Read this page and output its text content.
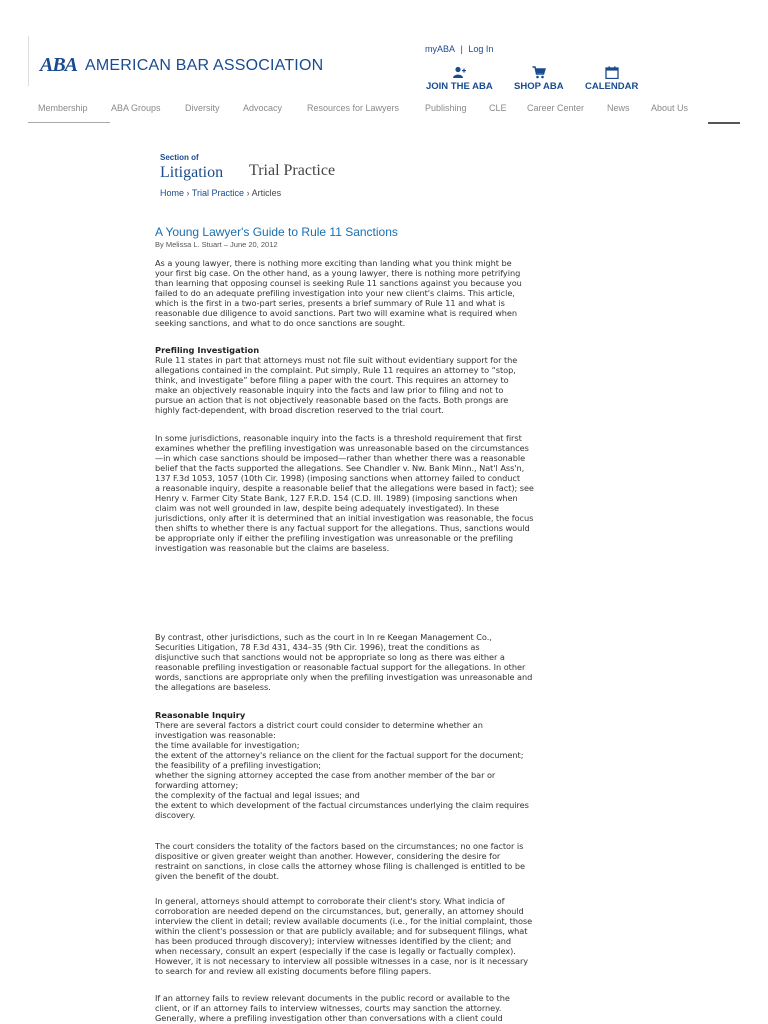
ABA AMERICAN BAR ASSOCIATION
myABA | Log In
JOIN THE ABA SHOP ABA CALENDAR
Membership	ABA Groups	Diversity	Advocacy	Resources for Lawyers	Publishing	CLE	Career Center	News	About Us
Section of
Litigation Trial Practice
Home › Trial Practice › Articles
A Young Lawyer's Guide to Rule 11 Sanctions
By Melissa L. Stuart – June 20, 2012
As a young lawyer, there is nothing more exciting than landing what you think might be
your first big case. On the other hand, as a young lawyer, there is nothing more petrifying
than learning that opposing counsel is seeking Rule 11 sanctions against you because you
failed to do an adequate prefiling investigation into your new client's claims. This article,
which is the first in a two-part series, presents a brief summary of Rule 11 and what is
reasonable due diligence to avoid sanctions. Part two will examine what is required when
seeking sanctions, and what to do once sanctions are sought.
Prefiling Investigation
Rule 11 states in part that attorneys must not file suit without evidentiary support for the
allegations contained in the complaint. Put simply, Rule 11 requires an attorney to “stop,
think, and investigate” before filing a paper with the court. This requires an attorney to
make an objectively reasonable inquiry into the facts and law prior to filing and not to
pursue an action that is not objectively reasonable based on the facts. Both prongs are
highly fact-dependent, with broad discretion reserved to the trial court.
In some jurisdictions, reasonable inquiry into the facts is a threshold requirement that first
examines whether the prefiling investigation was unreasonable based on the circumstances
—in which case sanctions should be imposed—rather than whether there was a reasonable
belief that the facts supported the allegations. See Chandler v. Nw. Bank Minn., Nat'l Ass'n,
137 F.3d 1053, 1057 (10th Cir. 1998) (imposing sanctions when attorney failed to conduct
a reasonable inquiry, despite a reasonable belief that the allegations were based in fact); see
Henry v. Farmer City State Bank, 127 F.R.D. 154 (C.D. Ill. 1989) (imposing sanctions when
claim was not well grounded in law, despite being adequately investigated). In these
jurisdictions, only after it is determined that an initial investigation was reasonable, the focus
then shifts to whether there is any factual support for the allegations. Thus, sanctions would
be appropriate only if either the prefiling investigation was unreasonable or the prefiling
investigation was reasonable but the claims are baseless.
By contrast, other jurisdictions, such as the court in In re Keegan Management Co.,
Securities Litigation, 78 F.3d 431, 434–35 (9th Cir. 1996), treat the conditions as
disjunctive such that sanctions would not be appropriate so long as there was either a
reasonable prefiling investigation or reasonable factual support for the allegations. In other
words, sanctions are appropriate only when the prefiling investigation was unreasonable and
the allegations are baseless.
Reasonable Inquiry
There are several factors a district court could consider to determine whether an
investigation was reasonable:
the time available for investigation;
the extent of the attorney's reliance on the client for the factual support for the document;
the feasibility of a prefiling investigation;
whether the signing attorney accepted the case from another member of the bar or
forwarding attorney;
the complexity of the factual and legal issues; and
the extent to which development of the factual circumstances underlying the claim requires
discovery.
The court considers the totality of the factors based on the circumstances; no one factor is
dispositive or given greater weight than another. However, considering the desire for
restraint on sanctions, in close calls the attorney whose filing is challenged is entitled to be
given the benefit of the doubt.
In general, attorneys should attempt to corroborate their client's story. What indicia of
corroboration are needed depend on the circumstances, but, generally, an attorney should
interview the client in detail; review available documents (i.e., for the initial complaint, those
within the client's possession or that are publicly available; and for subsequent filings, what
has been produced through discovery); interview witnesses identified by the client; and
when necessary, consult an expert (especially if the case is legally or factually complex).
However, it is not necessary to interview all possible witnesses in a case, nor is it necessary
to search for and review all existing documents before filing papers.
If an attorney fails to review relevant documents in the public record or available to the
client, or if an attorney fails to interview witnesses, courts may sanction the attorney.
Generally, where a prefiling investigation other than conversations with a client could
